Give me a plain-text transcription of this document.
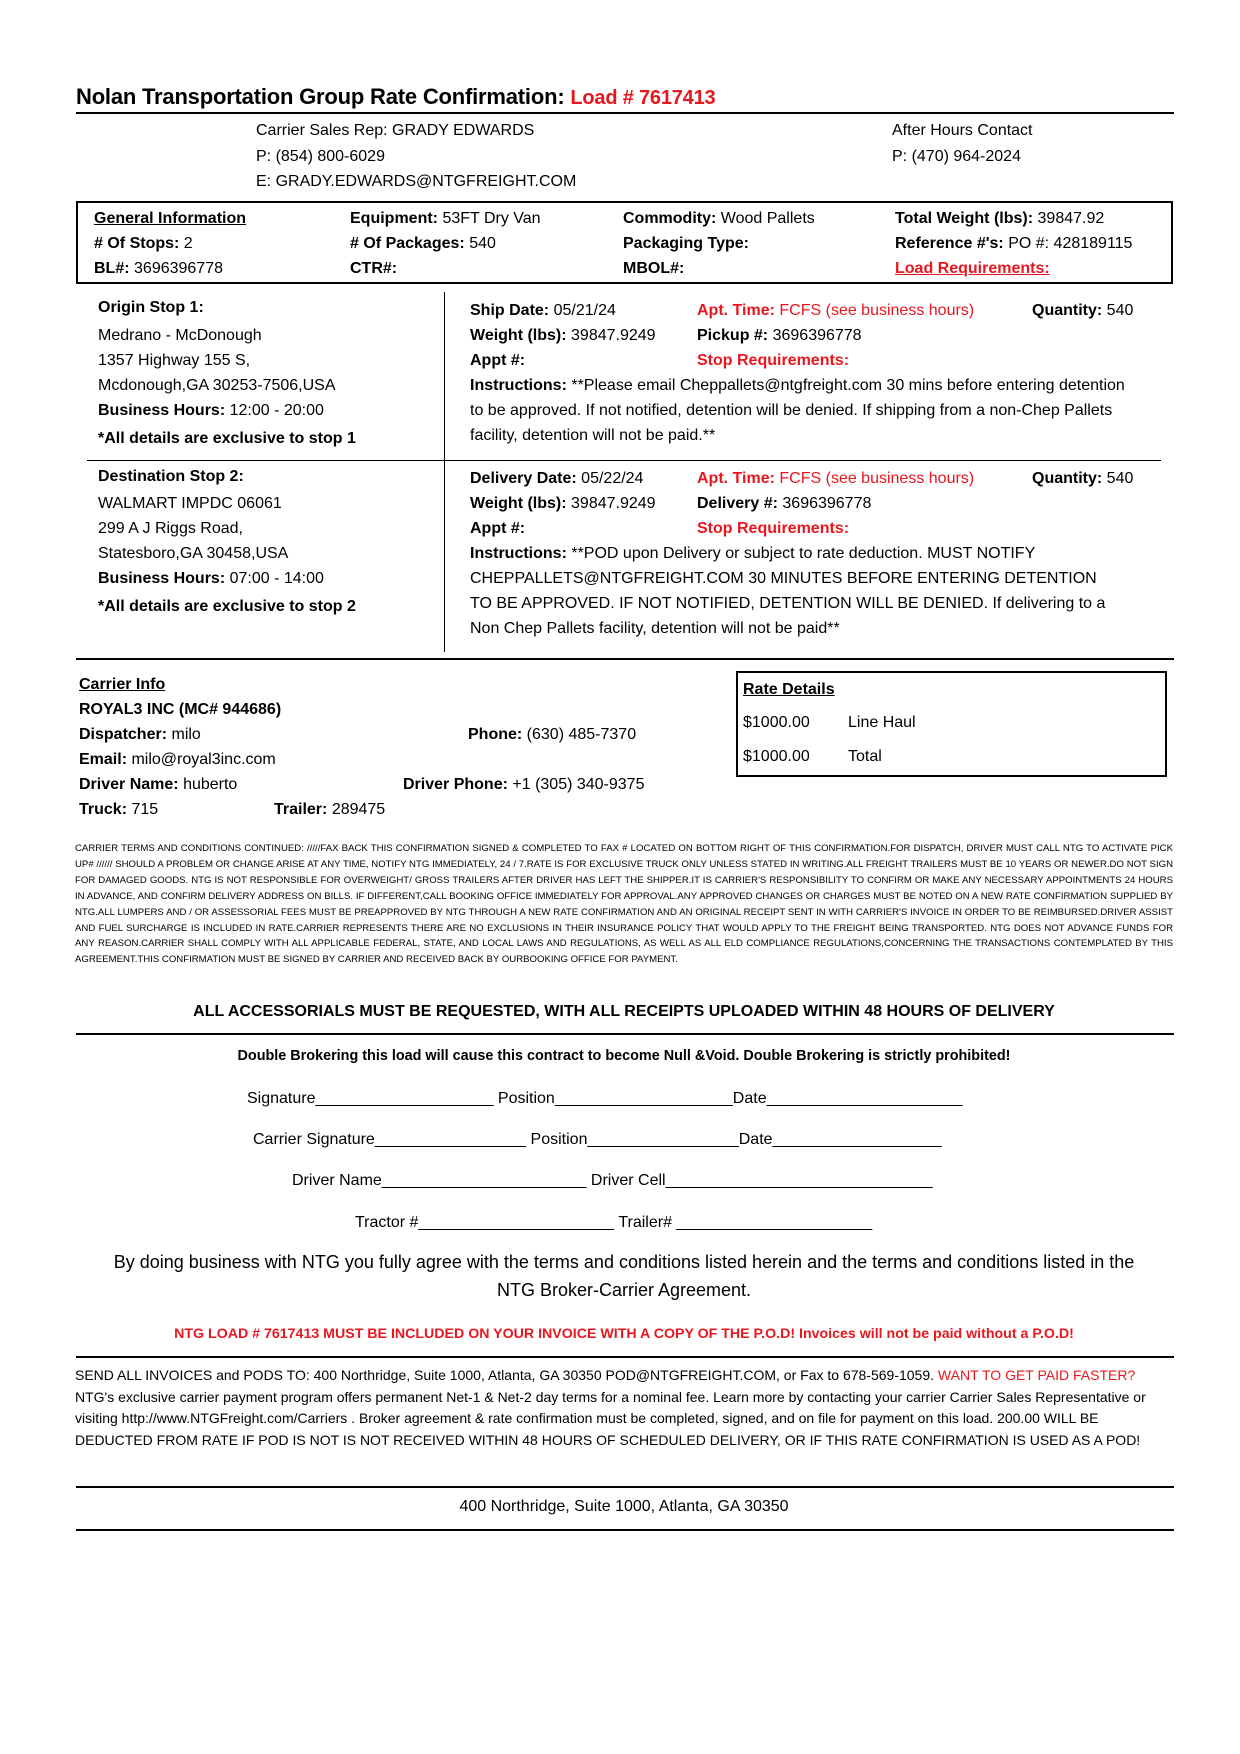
Nolan Transportation Group Rate Confirmation: Load # 7617413
Carrier Sales Rep: GRADY EDWARDS
P: (854) 800-6029
E: GRADY.EDWARDS@NTGFREIGHT.COM
After Hours Contact
P: (470) 964-2024
General Information
# Of Stops: 2
BL#: 3696396778
Equipment: 53FT Dry Van
# Of Packages: 540
CTR#:
Commodity: Wood Pallets
Packaging Type:
MBOL#:
Total Weight (lbs): 39847.92
Reference #'s: PO #: 428189115
Load Requirements:
Origin Stop 1:
Medrano - McDonough
1357 Highway 155 S,
Mcdonough,GA 30253-7506,USA
Business Hours: 12:00 - 20:00
*All details are exclusive to stop 1
Ship Date: 05/21/24
Weight (lbs): 39847.9249
Appt #:
Apt. Time: FCFS (see business hours)
Pickup #: 3696396778
Stop Requirements:
Quantity: 540
Instructions: **Please email Cheppallets@ntgfreight.com 30 mins before entering detention
to be approved. If not notified, detention will be denied. If shipping from a non-Chep Pallets
facility, detention will not be paid.**
Destination Stop 2:
WALMART IMPDC 06061
299 A J Riggs Road,
Statesboro,GA 30458,USA
Business Hours: 07:00 - 14:00
*All details are exclusive to stop 2
Delivery Date: 05/22/24
Weight (lbs): 39847.9249
Appt #:
Apt. Time: FCFS (see business hours)
Delivery #: 3696396778
Stop Requirements:
Quantity: 540
Instructions: **POD upon Delivery or subject to rate deduction. MUST NOTIFY
CHEPPALLETS@NTGFREIGHT.COM 30 MINUTES BEFORE ENTERING DETENTION
TO BE APPROVED. IF NOT NOTIFIED, DETENTION WILL BE DENIED. If delivering to a
Non Chep Pallets facility, detention will not be paid**
Carrier Info
ROYAL3 INC (MC# 944686)
Dispatcher: milo
Email: milo@royal3inc.com
Driver Name: huberto
Truck: 715	Trailer: 289475
Phone: (630) 485-7370
Driver Phone: +1 (305) 340-9375
Rate Details
$1000.00 Line Haul
$1000.00 Total
CARRIER TERMS AND CONDITIONS CONTINUED: /////FAX BACK THIS CONFIRMATION SIGNED & COMPLETED TO FAX # LOCATED ON BOTTOM RIGHT OF THIS CONFIRMATION.FOR DISPATCH, DRIVER MUST CALL NTG TO ACTIVATE PICK UP# ////// SHOULD A PROBLEM OR CHANGE ARISE AT ANY TIME, NOTIFY NTG IMMEDIATELY, 24 / 7.RATE IS FOR EXCLUSIVE TRUCK ONLY UNLESS STATED IN WRITING.ALL FREIGHT TRAILERS MUST BE 10 YEARS OR NEWER.DO NOT SIGN FOR DAMAGED GOODS. NTG IS NOT RESPONSIBLE FOR OVERWEIGHT/ GROSS TRAILERS AFTER DRIVER HAS LEFT THE SHIPPER.IT IS CARRIER'S RESPONSIBILITY TO CONFIRM OR MAKE ANY NECESSARY APPOINTMENTS 24 HOURS IN ADVANCE, AND CONFIRM DELIVERY ADDRESS ON BILLS. IF DIFFERENT,CALL BOOKING OFFICE IMMEDIATELY FOR APPROVAL.ANY APPROVED CHANGES OR CHARGES MUST BE NOTED ON A NEW RATE CONFIRMATION SUPPLIED BY NTG.ALL LUMPERS AND / OR ASSESSORIAL FEES MUST BE PREAPPROVED BY NTG THROUGH A NEW RATE CONFIRMATION AND AN ORIGINAL RECEIPT SENT IN WITH CARRIER'S INVOICE IN ORDER TO BE REIMBURSED.DRIVER ASSIST AND FUEL SURCHARGE IS INCLUDED IN RATE.CARRIER REPRESENTS THERE ARE NO EXCLUSIONS IN THEIR INSURANCE POLICY THAT WOULD APPLY TO THE FREIGHT BEING TRANSPORTED. NTG DOES NOT ADVANCE FUNDS FOR ANY REASON.CARRIER SHALL COMPLY WITH ALL APPLICABLE FEDERAL, STATE, AND LOCAL LAWS AND REGULATIONS, AS WELL AS ALL ELD COMPLIANCE REGULATIONS,CONCERNING THE TRANSACTIONS CONTEMPLATED BY THIS AGREEMENT.THIS CONFIRMATION MUST BE SIGNED BY CARRIER AND RECEIVED BACK BY OURBOOKING OFFICE FOR PAYMENT.
ALL ACCESSORIALS MUST BE REQUESTED, WITH ALL RECEIPTS UPLOADED WITHIN 48 HOURS OF DELIVERY
Double Brokering this load will cause this contract to become Null &Void. Double Brokering is strictly prohibited!
Signature____________________ Position____________________Date______________________
Carrier Signature_________________ Position_________________Date___________________
Driver Name_______________________ Driver Cell______________________________
Tractor #______________________ Trailer# ______________________
By doing business with NTG you fully agree with the terms and conditions listed herein and the terms and conditions listed in the
NTG Broker-Carrier Agreement.
NTG LOAD # 7617413 MUST BE INCLUDED ON YOUR INVOICE WITH A COPY OF THE P.O.D! Invoices will not be paid without a P.O.D!
SEND ALL INVOICES and PODS TO: 400 Northridge, Suite 1000, Atlanta, GA 30350 POD@NTGFREIGHT.COM, or Fax to 678-569-1059. WANT TO GET PAID FASTER? NTG's exclusive carrier payment program offers permanent Net-1 & Net-2 day terms for a nominal fee. Learn more by contacting your carrier Carrier Sales Representative or visiting http://www.NTGFreight.com/Carriers . Broker agreement & rate confirmation must be completed, signed, and on file for payment on this load. 200.00 WILL BE DEDUCTED FROM RATE IF POD IS NOT IS NOT RECEIVED WITHIN 48 HOURS OF SCHEDULED DELIVERY, OR IF THIS RATE CONFIRMATION IS USED AS A POD!
400 Northridge, Suite 1000, Atlanta, GA 30350
